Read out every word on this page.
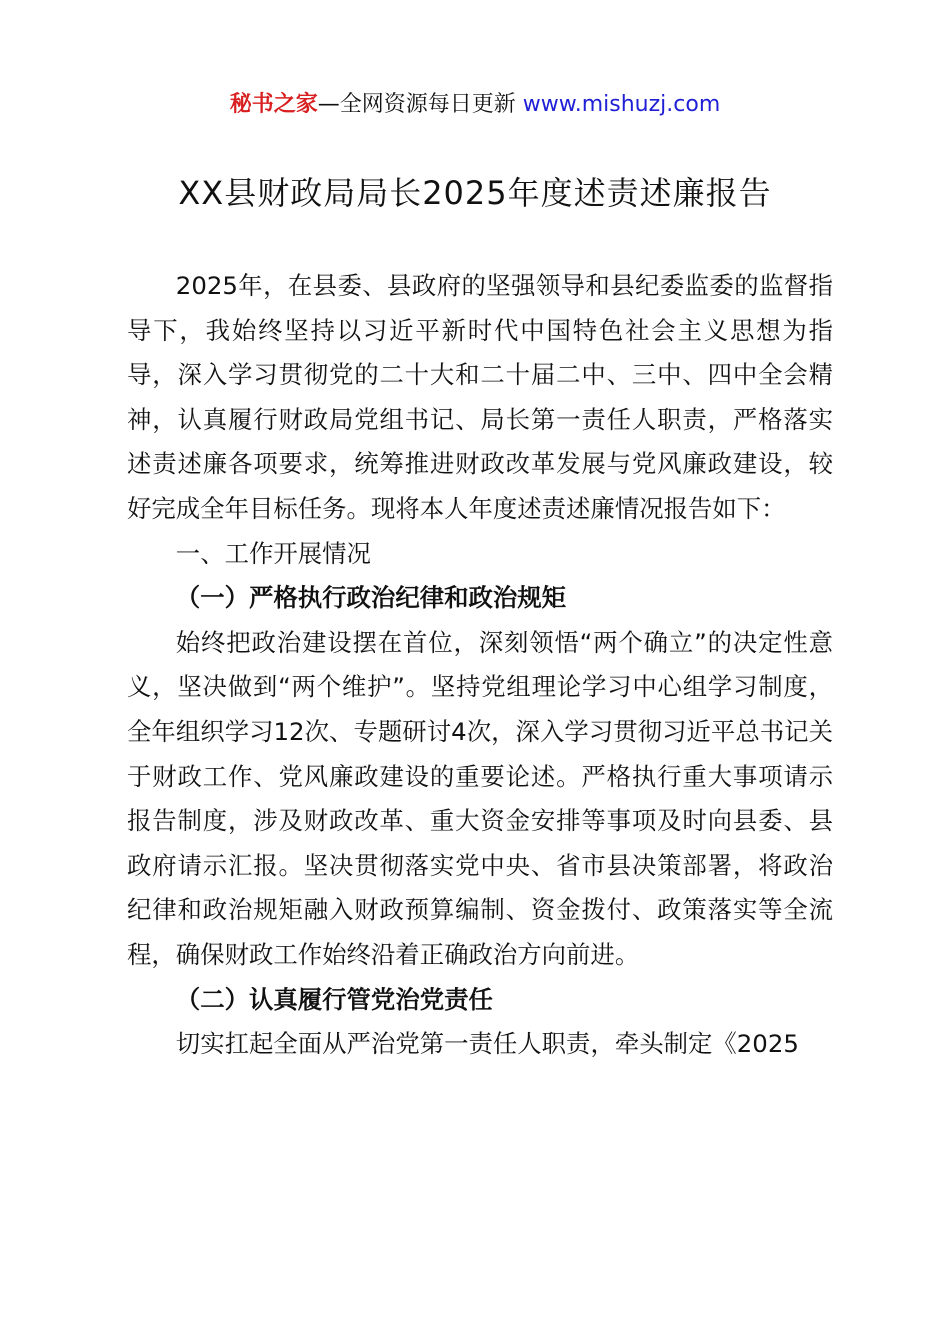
秘书之家—全网资源每日更新 www.mishuzj.com
XX县财政局局长2025年度述责述廉报告

2025年，在县委、县政府的坚强领导和县纪委监委的监督指导下，我始终坚持以习近平新时代中国特色社会主义思想为指导，深入学习贯彻党的二十大和二十届二中、三中、四中全会精神，认真履行财政局党组书记、局长第一责任人职责，严格落实述责述廉各项要求，统筹推进财政改革发展与党风廉政建设，较好完成全年目标任务。现将本人年度述责述廉情况报告如下：

一、工作开展情况

（一）严格执行政治纪律和政治规矩

始终把政治建设摆在首位，深刻领悟“两个确立”的决定性意义，坚决做到“两个维护”。坚持党组理论学习中心组学习制度，全年组织学习12次、专题研讨4次，深入学习贯彻习近平总书记关于财政工作、党风廉政建设的重要论述。严格执行重大事项请示报告制度，涉及财政改革、重大资金安排等事项及时向县委、县政府请示汇报。坚决贯彻落实党中央、省市县决策部署，将政治纪律和政治规矩融入财政预算编制、资金拨付、政策落实等全流程，确保财政工作始终沿着正确政治方向前进。

（二）认真履行管党治党责任

切实扛起全面从严治党第一责任人职责，牵头制定《2025
